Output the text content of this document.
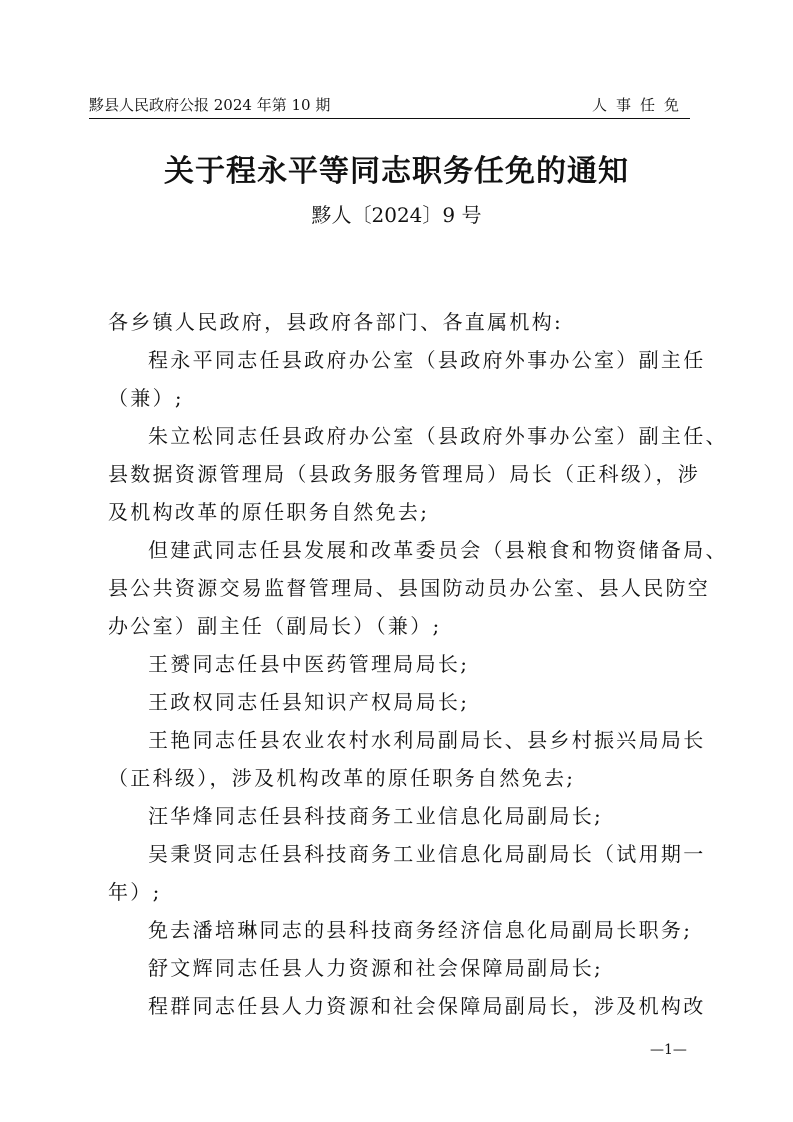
黟县人民政府公报 2024 年第 10 期	人事任免
关于程永平等同志职务任免的通知
黟人〔2024〕9 号
各乡镇人民政府，县政府各部门、各直属机构:
程永平同志任县政府办公室（县政府外事办公室）副主任
（兼）;
朱立松同志任县政府办公室（县政府外事办公室）副主任、
县数据资源管理局（县政务服务管理局）局长（正科级），涉
及机构改革的原任职务自然免去;
但建武同志任县发展和改革委员会（县粮食和物资储备局、
县公共资源交易监督管理局、县国防动员办公室、县人民防空
办公室）副主任（副局长）（兼）;
王赟同志任县中医药管理局局长;
王政权同志任县知识产权局局长;
王艳同志任县农业农村水利局副局长、县乡村振兴局局长
（正科级），涉及机构改革的原任职务自然免去;
汪华烽同志任县科技商务工业信息化局副局长;
吴秉贤同志任县科技商务工业信息化局副局长（试用期一
年）;
免去潘培琳同志的县科技商务经济信息化局副局长职务;
舒文辉同志任县人力资源和社会保障局副局长;
程群同志任县人力资源和社会保障局副局长，涉及机构改
—1—
